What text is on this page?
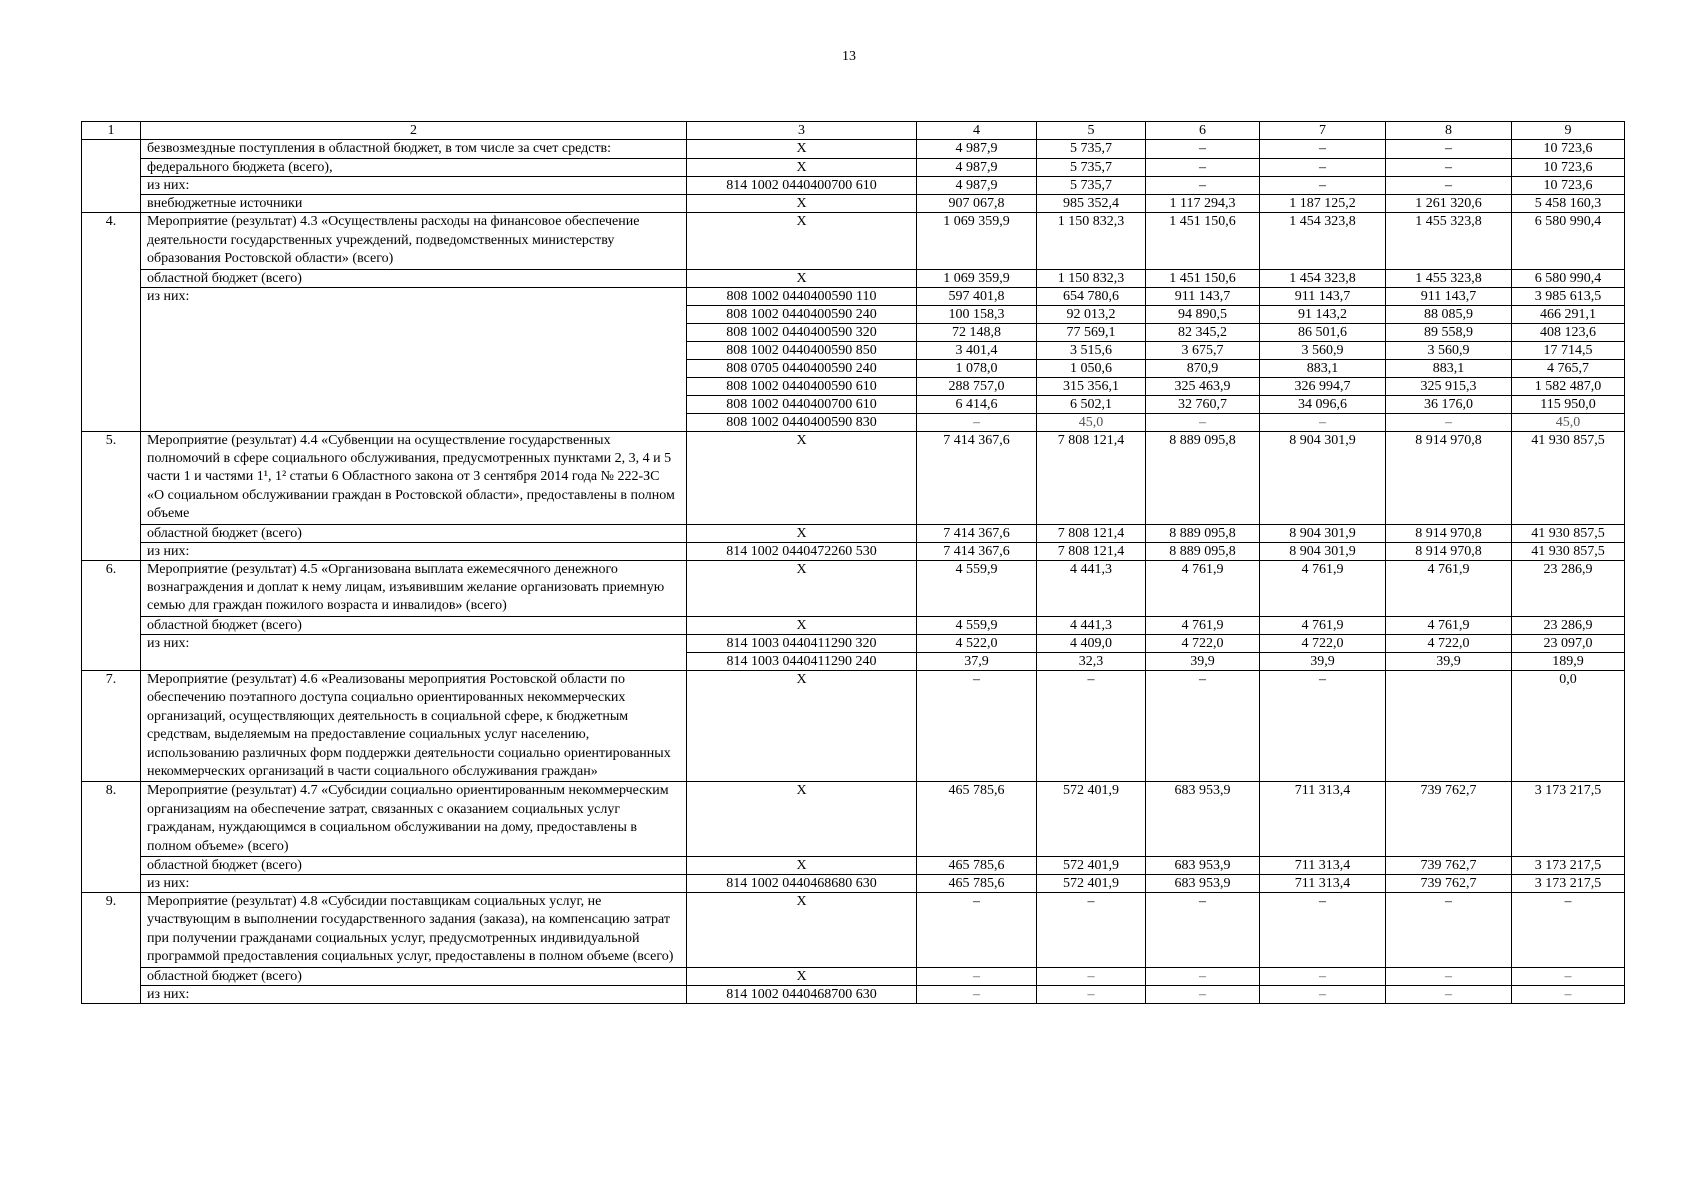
13
1	2	3	4	5	6	7	8	9
	безвозмездные поступления в областной бюджет, в том числе за счет средств:	X	4 987,9	5 735,7	–	–	–	10 723,6
	федерального бюджета (всего),	X	4 987,9	5 735,7	–	–	–	10 723,6
	из них:	814 1002 0440400700 610	4 987,9	5 735,7	–	–	–	10 723,6
	внебюджетные источники	X	907 067,8	985 352,4	1 117 294,3	1 187 125,2	1 261 320,6	5 458 160,3
4.	Мероприятие (результат) 4.3 «Осуществлены расходы на финансовое обеспечение деятельности государственных учреждений, подведомственных министерству образования Ростовской области» (всего)	X	1 069 359,9	1 150 832,3	1 451 150,6	1 454 323,8	1 455 323,8	6 580 990,4
	областной бюджет (всего)	X	1 069 359,9	1 150 832,3	1 451 150,6	1 454 323,8	1 455 323,8	6 580 990,4
	из них:	808 1002 0440400590 110	597 401,8	654 780,6	911 143,7	911 143,7	911 143,7	3 985 613,5
		808 1002 0440400590 240	100 158,3	92 013,2	94 890,5	91 143,2	88 085,9	466 291,1
		808 1002 0440400590 320	72 148,8	77 569,1	82 345,2	86 501,6	89 558,9	408 123,6
		808 1002 0440400590 850	3 401,4	3 515,6	3 675,7	3 560,9	3 560,9	17 714,5
		808 0705 0440400590 240	1 078,0	1 050,6	870,9	883,1	883,1	4 765,7
		808 1002 0440400590 610	288 757,0	315 356,1	325 463,9	326 994,7	325 915,3	1 582 487,0
		808 1002 0440400700 610	6 414,6	6 502,1	32 760,7	34 096,6	36 176,0	115 950,0
		808 1002 0440400590 830	–	45,0	–	–	–	45,0
5.	Мероприятие (результат) 4.4 «Субвенции на осуществление государственных полномочий в сфере социального обслуживания, предусмотренных пунктами 2, 3, 4 и 5 части 1 и частями 1¹, 1² статьи 6 Областного закона от 3 сентября 2014 года № 222-ЗС «О социальном обслуживании граждан в Ростовской области», предоставлены в полном объеме	X	7 414 367,6	7 808 121,4	8 889 095,8	8 904 301,9	8 914 970,8	41 930 857,5
	областной бюджет (всего)	X	7 414 367,6	7 808 121,4	8 889 095,8	8 904 301,9	8 914 970,8	41 930 857,5
	из них:	814 1002 0440472260 530	7 414 367,6	7 808 121,4	8 889 095,8	8 904 301,9	8 914 970,8	41 930 857,5
6.	Мероприятие (результат) 4.5 «Организована выплата ежемесячного денежного вознаграждения и доплат к нему лицам, изъявившим желание организовать приемную семью для граждан пожилого возраста и инвалидов» (всего)	X	4 559,9	4 441,3	4 761,9	4 761,9	4 761,9	23 286,9
	областной бюджет (всего)	X	4 559,9	4 441,3	4 761,9	4 761,9	4 761,9	23 286,9
	из них:	814 1003 0440411290 320	4 522,0	4 409,0	4 722,0	4 722,0	4 722,0	23 097,0
		814 1003 0440411290 240	37,9	32,3	39,9	39,9	39,9	189,9
7.	Мероприятие (результат) 4.6 «Реализованы мероприятия Ростовской области по обеспечению поэтапного доступа социально ориентированных некоммерческих организаций, осуществляющих деятельность в социальной сфере, к бюджетным средствам, выделяемым на предоставление социальных услуг населению, использованию различных форм поддержки деятельности социально ориентированных некоммерческих организаций в части социального обслуживания граждан»	X	–	–	–	–		0,0
8.	Мероприятие (результат) 4.7 «Субсидии социально ориентированным некоммерческим организациям на обеспечение затрат, связанных с оказанием социальных услуг гражданам, нуждающимся в социальном обслуживании на дому, предоставлены в полном объеме» (всего)	X	465 785,6	572 401,9	683 953,9	711 313,4	739 762,7	3 173 217,5
	областной бюджет (всего)	X	465 785,6	572 401,9	683 953,9	711 313,4	739 762,7	3 173 217,5
	из них:	814 1002 0440468680 630	465 785,6	572 401,9	683 953,9	711 313,4	739 762,7	3 173 217,5
9.	Мероприятие (результат) 4.8 «Субсидии поставщикам социальных услуг, не участвующим в выполнении государственного задания (заказа), на компенсацию затрат при получении гражданами социальных услуг, предусмотренных индивидуальной программой предоставления социальных услуг, предоставлены в полном объеме (всего)	X	–	–	–	–	–	–
	областной бюджет (всего)	X	–	–	–	–	–	–
	из них:	814 1002 0440468700 630	–	–	–	–	–	–
